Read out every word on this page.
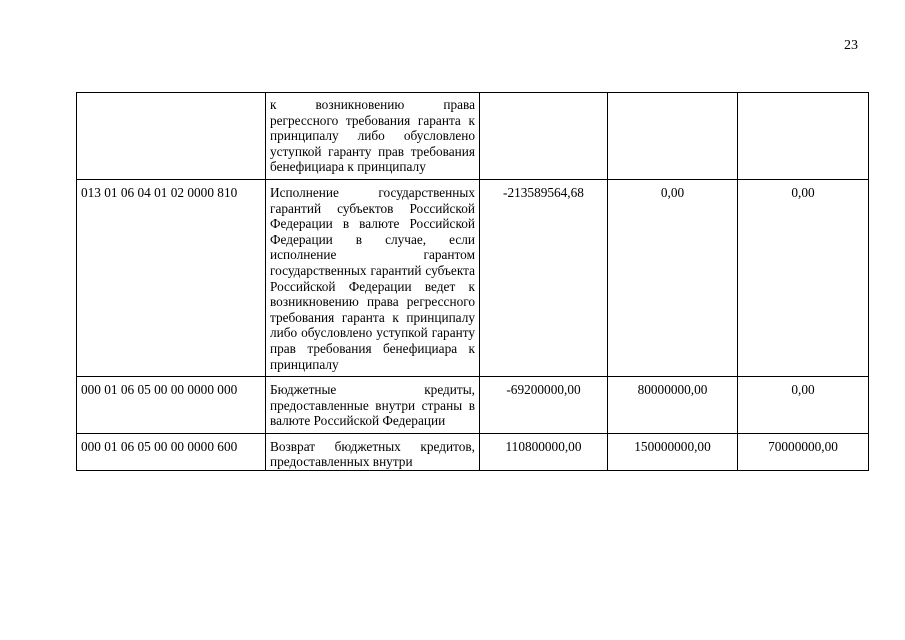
23
	к возникновению права регрессного требования гаранта к принципалу либо обусловлено уступкой гаранту прав требования бенефициара к принципалу			
013 01 06 04 01 02 0000 810	Исполнение государственных гарантий субъектов Российской Федерации в валюте Российской Федерации в случае, если исполнение гарантом государственных гарантий субъекта Российской Федерации ведет к возникновению права регрессного требования гаранта к принципалу либо обусловлено уступкой гаранту прав требования бенефициара к принципалу	-213589564,68	0,00	0,00
000 01 06 05 00 00 0000 000	Бюджетные кредиты, предоставленные внутри страны в валюте Российской Федерации	-69200000,00	80000000,00	0,00
000 01 06 05 00 00 0000 600	Возврат бюджетных кредитов, предоставленных внутри	110800000,00	150000000,00	70000000,00
